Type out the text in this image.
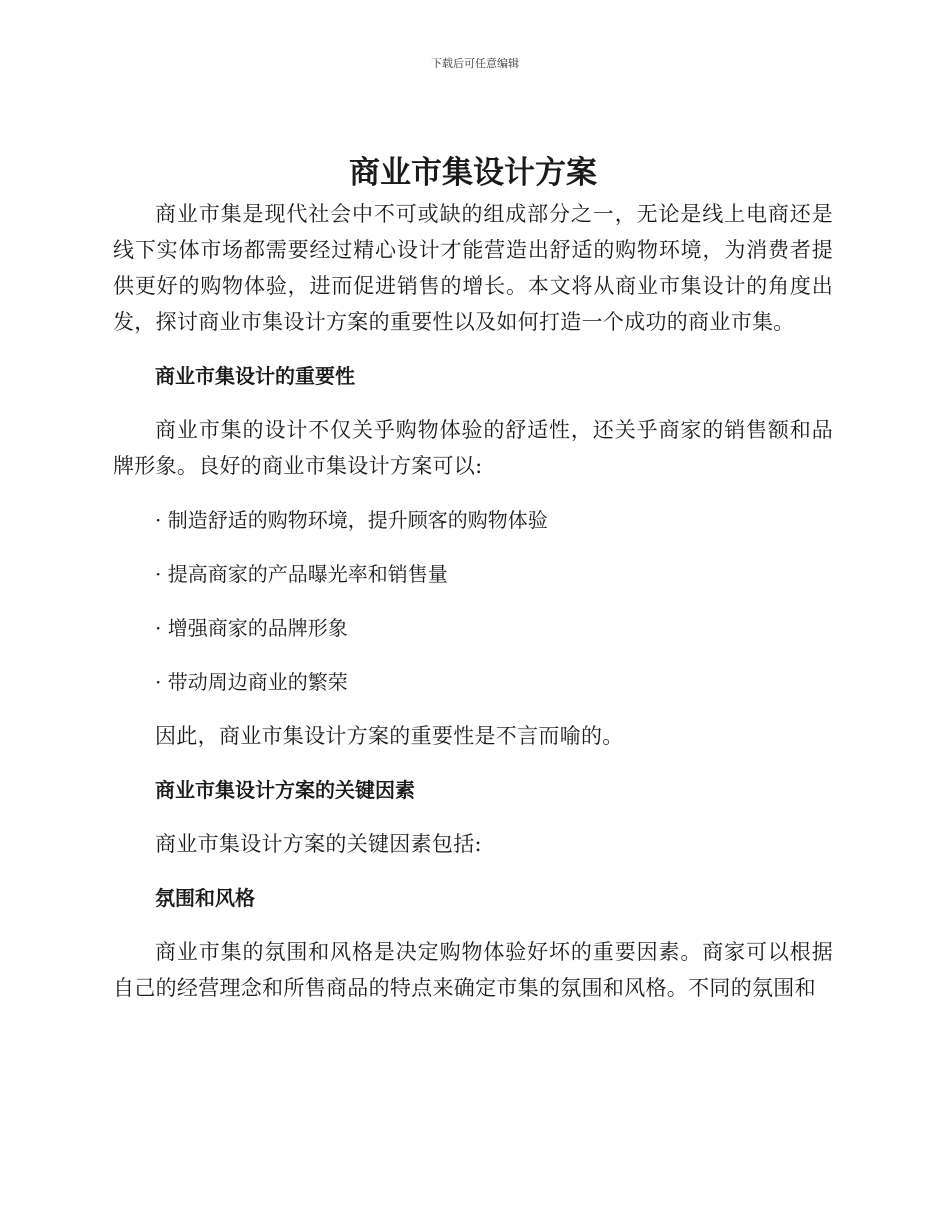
下载后可任意编辑
商业市集设计方案

商业市集是现代社会中不可或缺的组成部分之一，无论是线上电商还是线下实体市场都需要经过精心设计才能营造出舒适的购物环境，为消费者提供更好的购物体验，进而促进销售的增长。本文将从商业市集设计的角度出发，探讨商业市集设计方案的重要性以及如何打造一个成功的商业市集。

商业市集设计的重要性

商业市集的设计不仅关乎购物体验的舒适性，还关乎商家的销售额和品牌形象。良好的商业市集设计方案可以:

· 制造舒适的购物环境，提升顾客的购物体验

· 提高商家的产品曝光率和销售量

· 增强商家的品牌形象

· 带动周边商业的繁荣

因此，商业市集设计方案的重要性是不言而喻的。

商业市集设计方案的关键因素

商业市集设计方案的关键因素包括:

氛围和风格

商业市集的氛围和风格是决定购物体验好坏的重要因素。商家可以根据自己的经营理念和所售商品的特点来确定市集的氛围和风格。不同的氛围和
